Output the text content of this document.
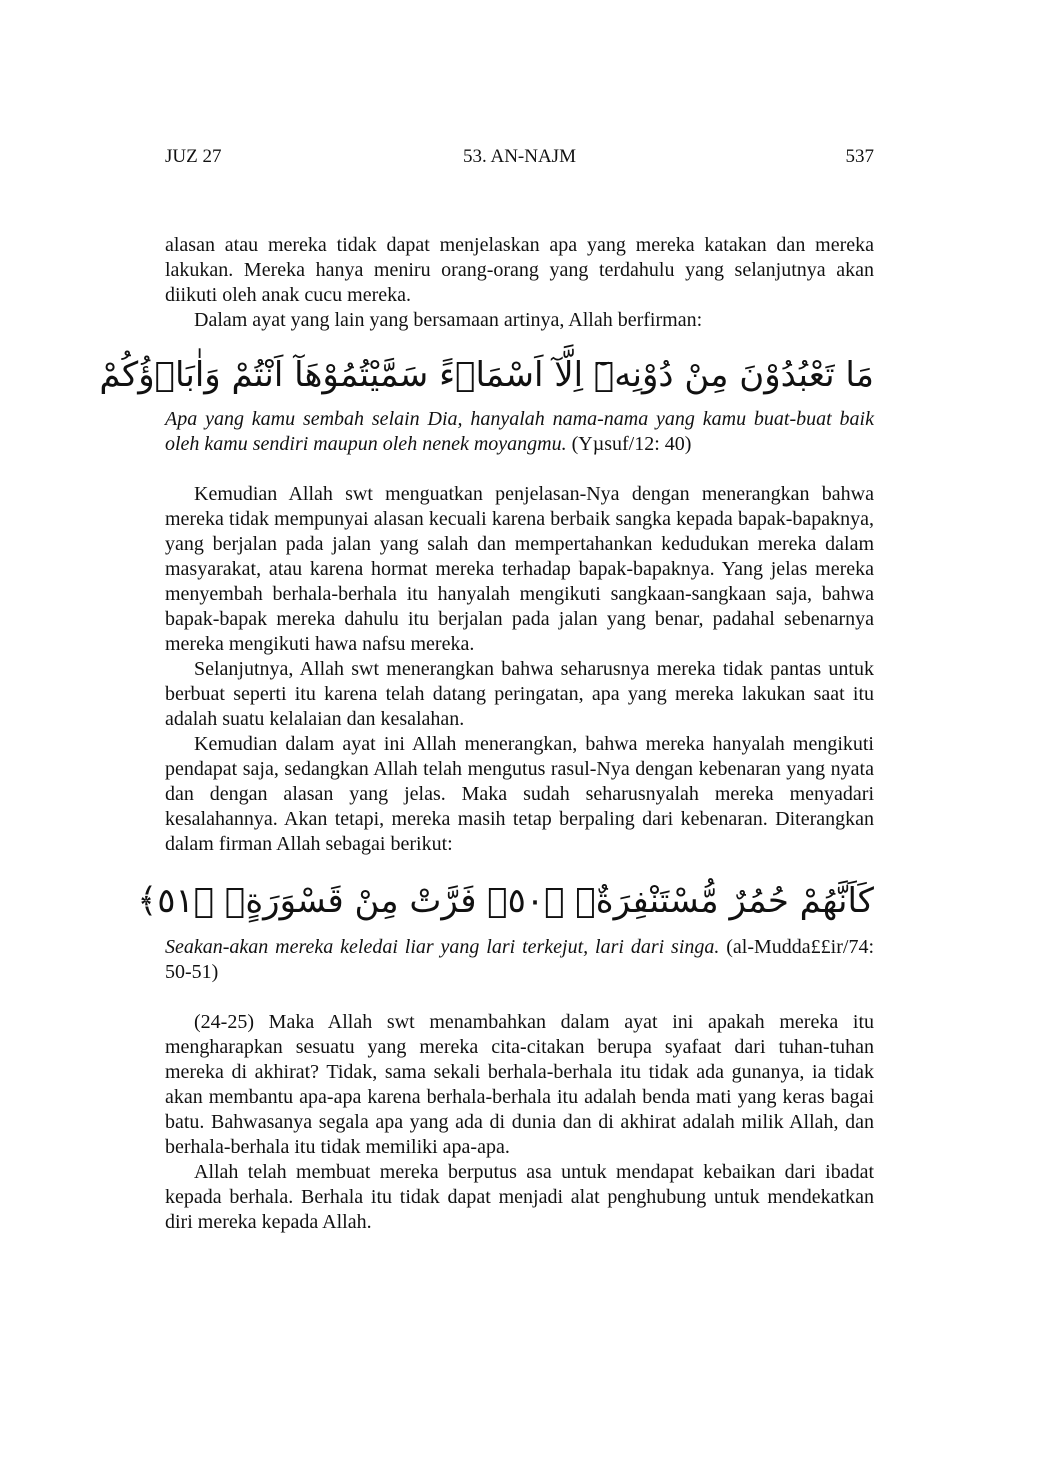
JUZ 27	53. AN-NAJM	537

alasan atau mereka tidak dapat menjelaskan apa yang mereka katakan dan mereka lakukan. Mereka hanya meniru orang-orang yang terdahulu yang selanjutnya akan diikuti oleh anak cucu mereka.

Dalam ayat yang lain yang bersamaan artinya, Allah berfirman:

مَا تَعْبُدُوْنَ مِنْ دُوْنِهٖٓ اِلَّآ اَسْمَاۤءً سَمَّيْتُمُوْهَآ اَنْتُمْ وَاٰبَاۤؤُكُمْ

Apa yang kamu sembah selain Dia, hanyalah nama-nama yang kamu buat-buat baik oleh kamu sendiri maupun oleh nenek moyangmu. (Yµsuf/12: 40)

Kemudian Allah swt menguatkan penjelasan-Nya dengan menerangkan bahwa mereka tidak mempunyai alasan kecuali karena berbaik sangka kepada bapak-bapaknya, yang berjalan pada jalan yang salah dan mempertahankan kedudukan mereka dalam masyarakat, atau karena hormat mereka terhadap bapak-bapaknya. Yang jelas mereka menyembah berhala-berhala itu hanyalah mengikuti sangkaan-sangkaan saja, bahwa bapak-bapak mereka dahulu itu berjalan pada jalan yang benar, padahal sebenarnya mereka mengikuti hawa nafsu mereka.

Selanjutnya, Allah swt menerangkan bahwa seharusnya mereka tidak pantas untuk berbuat seperti itu karena telah datang peringatan, apa yang mereka lakukan saat itu adalah suatu kelalaian dan kesalahan.

Kemudian dalam ayat ini Allah menerangkan, bahwa mereka hanyalah mengikuti pendapat saja, sedangkan Allah telah mengutus rasul-Nya dengan kebenaran yang nyata dan dengan alasan yang jelas. Maka sudah seharusnyalah mereka menyadari kesalahannya. Akan tetapi, mereka masih tetap berpaling dari kebenaran. Diterangkan dalam firman Allah sebagai berikut:

كَاَنَّهُمْ حُمُرٌ مُّسْتَنْفِرَةٌۙ ﴿٥٠﴾ فَرَّتْ مِنْ قَسْوَرَةٍۗ ﴿٥١﴾

Seakan-akan mereka keledai liar yang lari terkejut, lari dari singa. (al-Mudda££ir/74: 50-51)

(24-25) Maka Allah swt menambahkan dalam ayat ini apakah mereka itu mengharapkan sesuatu yang mereka cita-citakan berupa syafaat dari tuhan-tuhan mereka di akhirat? Tidak, sama sekali berhala-berhala itu tidak ada gunanya, ia tidak akan membantu apa-apa karena berhala-berhala itu adalah benda mati yang keras bagai batu. Bahwasanya segala apa yang ada di dunia dan di akhirat adalah milik Allah, dan berhala-berhala itu tidak memiliki apa-apa.

Allah telah membuat mereka berputus asa untuk mendapat kebaikan dari ibadat kepada berhala. Berhala itu tidak dapat menjadi alat penghubung untuk mendekatkan diri mereka kepada Allah.
